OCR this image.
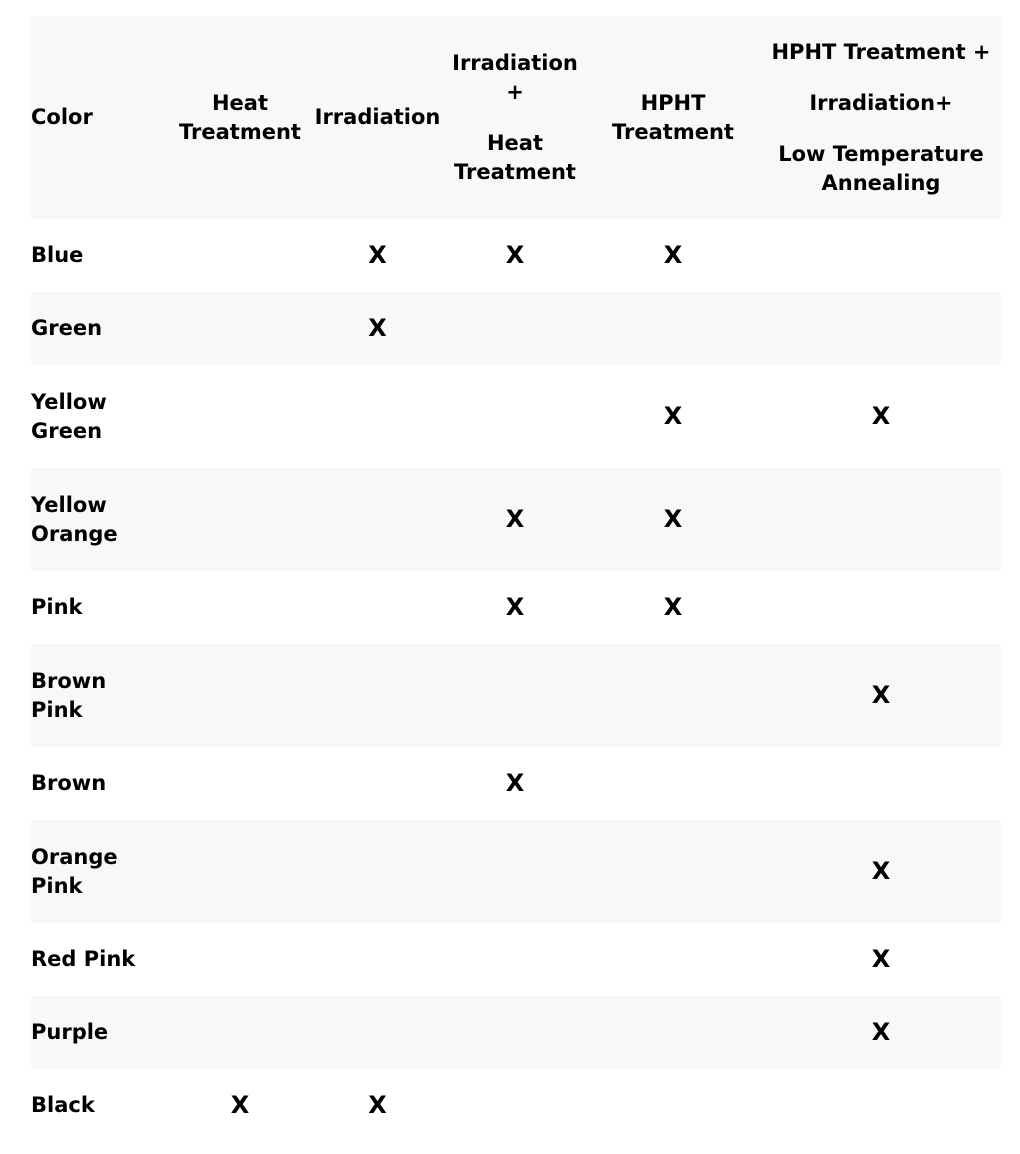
Color	Heat
Treatment	Irradiation	Irradiation +
Heat
Treatment	HPHT
Treatment	HPHT Treatment +
Irradiation+
Low Temperature
Annealing

Blue		X	X	X	

Green		X			

Yellow
Green				X	X

Yellow
Orange			X	X	

Pink			X	X	

Brown
Pink					X

Brown			X		

Orange
Pink					X

Red Pink					X

Purple					X

Black	X	X			
